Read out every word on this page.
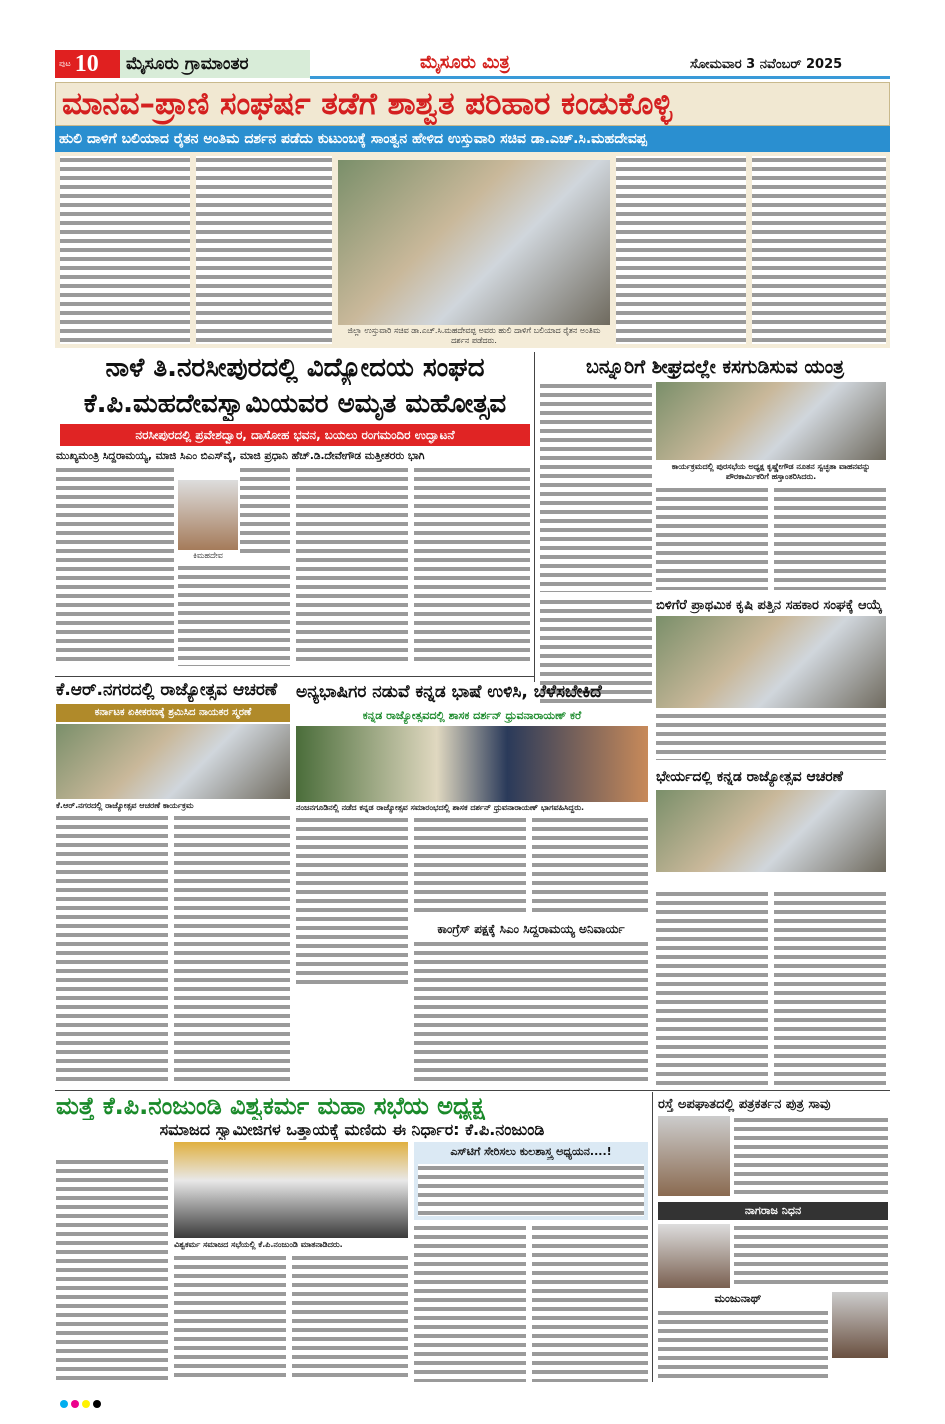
ಪುಟ 10	ಮೈಸೂರು ಗ್ರಾಮಾಂತರ	ಮೈಸೂರು ಮಿತ್ರ	ಸೋಮವಾರ 3 ನವೆಂಬರ್ 2025
ಮಾನವ–ಪ್ರಾಣಿ ಸಂಘರ್ಷ ತಡೆಗೆ ಶಾಶ್ವತ ಪರಿಹಾರ ಕಂಡುಕೊಳ್ಳಿ
ಹುಲಿ ದಾಳಿಗೆ ಬಲಿಯಾದ ರೈತನ ಅಂತಿಮ ದರ್ಶನ ಪಡೆದು ಕುಟುಂಬಕ್ಕೆ ಸಾಂತ್ವನ ಹೇಳಿದ ಉಸ್ತುವಾರಿ ಸಚಿವ ಡಾ.ಎಚ್.ಸಿ.ಮಹದೇವಪ್ಪ
ಜಿಲ್ಲಾ ಉಸ್ತುವಾರಿ ಸಚಿವ ಡಾ.ಎಚ್.ಸಿ.ಮಹದೇವಪ್ಪ ಅವರು ಹುಲಿ ದಾಳಿಗೆ ಬಲಿಯಾದ ರೈತನ ಅಂತಿಮ ದರ್ಶನ ಪಡೆದರು.
ನಾಳೆ ತಿ.ನರಸೀಪುರದಲ್ಲಿ ವಿದ್ಯೋದಯ ಸಂಘದ
ಕೆ.ಪಿ.ಮಹದೇವಸ್ವಾಮಿಯವರ ಅಮೃತ ಮಹೋತ್ಸವ
ನರಸೀಪುರದಲ್ಲಿ ಪ್ರವೇಶದ್ವಾರ, ದಾಸೋಹ ಭವನ, ಬಯಲು ರಂಗಮಂದಿರ ಉದ್ಘಾಟನೆ
ಮುಖ್ಯಮಂತ್ರಿ ಸಿದ್ದರಾಮಯ್ಯ, ಮಾಜಿ ಸಿಎಂ ಬಿಎಸ್‌ವೈ, ಮಾಜಿ ಪ್ರಧಾನಿ ಹೆಚ್.ಡಿ.ದೇವೇಗೌಡ ಮತ್ತೀತರರು ಭಾಗಿ
ಕಿಮಹದೇವ
ಬನ್ನೂರಿಗೆ ಶೀಘ್ರದಲ್ಲೇ ಕಸಗುಡಿಸುವ ಯಂತ್ರ
ಕಾರ್ಯಕ್ರಮದಲ್ಲಿ ಪುರಸಭೆಯ ಅಧ್ಯಕ್ಷ ಕೃಷ್ಣೇಗೌಡ ನೂತನ ಸ್ವಚ್ಛತಾ ವಾಹನವನ್ನು ಪೌರಕಾರ್ಮಿಕರಿಗೆ ಹಸ್ತಾಂತರಿಸಿದರು.
ಬಿಳಿಗೆರೆ ಪ್ರಾಥಮಿಕ ಕೃಷಿ ಪತ್ತಿನ ಸಹಕಾರ ಸಂಘಕ್ಕೆ ಆಯ್ಕೆ
ಕೆ.ಆರ್.ನಗರದಲ್ಲಿ ರಾಜ್ಯೋತ್ಸವ ಆಚರಣೆ
ಕರ್ನಾಟಕ ಏಕೀಕರಣಕ್ಕೆ ಶ್ರಮಿಸಿದ ನಾಯಕರ ಸ್ಮರಣೆ
ಕೆ.ಆರ್.ನಗರದಲ್ಲಿ ರಾಜ್ಯೋತ್ಸವ ಆಚರಣೆ ಕಾರ್ಯಕ್ರಮ
ಅನ್ಯಭಾಷಿಗರ ನಡುವೆ ಕನ್ನಡ ಭಾಷೆ ಉಳಿಸಿ, ಬೆಳೆಸಬೇಕಿದೆ
ಕನ್ನಡ ರಾಜ್ಯೋತ್ಸವದಲ್ಲಿ ಶಾಸಕ ದರ್ಶನ್ ಧ್ರುವನಾರಾಯಣ್ ಕರೆ
ನಂಜನಗೂಡಿನಲ್ಲಿ ನಡೆದ ಕನ್ನಡ ರಾಜ್ಯೋತ್ಸವ ಸಮಾರಂಭದಲ್ಲಿ ಶಾಸಕ ದರ್ಶನ್ ಧ್ರುವನಾರಾಯಣ್ ಭಾಗವಹಿಸಿದ್ದರು.
ಭೇರ್ಯದಲ್ಲಿ ಕನ್ನಡ ರಾಜ್ಯೋತ್ಸವ ಆಚರಣೆ
ಕಾಂಗ್ರೆಸ್ ಪಕ್ಷಕ್ಕೆ ಸಿಎಂ ಸಿದ್ದರಾಮಯ್ಯ ಅನಿವಾರ್ಯ
ಮತ್ತೆ ಕೆ.ಪಿ.ನಂಜುಂಡಿ ವಿಶ್ವಕರ್ಮ ಮಹಾ ಸಭೆಯ ಅಧ್ಯಕ್ಷ
ಸಮಾಜದ ಸ್ವಾಮೀಜಿಗಳ ಒತ್ತಾಯಕ್ಕೆ ಮಣಿದು ಈ ನಿರ್ಧಾರ: ಕೆ.ಪಿ.ನಂಜುಂಡಿ
ವಿಶ್ವಕರ್ಮ ಸಮಾಜದ ಸಭೆಯಲ್ಲಿ ಕೆ.ಪಿ.ನಂಜುಂಡಿ ಮಾತನಾಡಿದರು.
ಎಸ್‌ಟಿಗೆ ಸೇರಿಸಲು ಕುಲಶಾಸ್ತ್ರ ಅಧ್ಯಯನ....!
ರಸ್ತೆ ಅಪಘಾತದಲ್ಲಿ ಪತ್ರಕರ್ತನ ಪುತ್ರ ಸಾವು
ನಾಗರಾಜ ನಿಧನ
ಮಂಜುನಾಥ್
